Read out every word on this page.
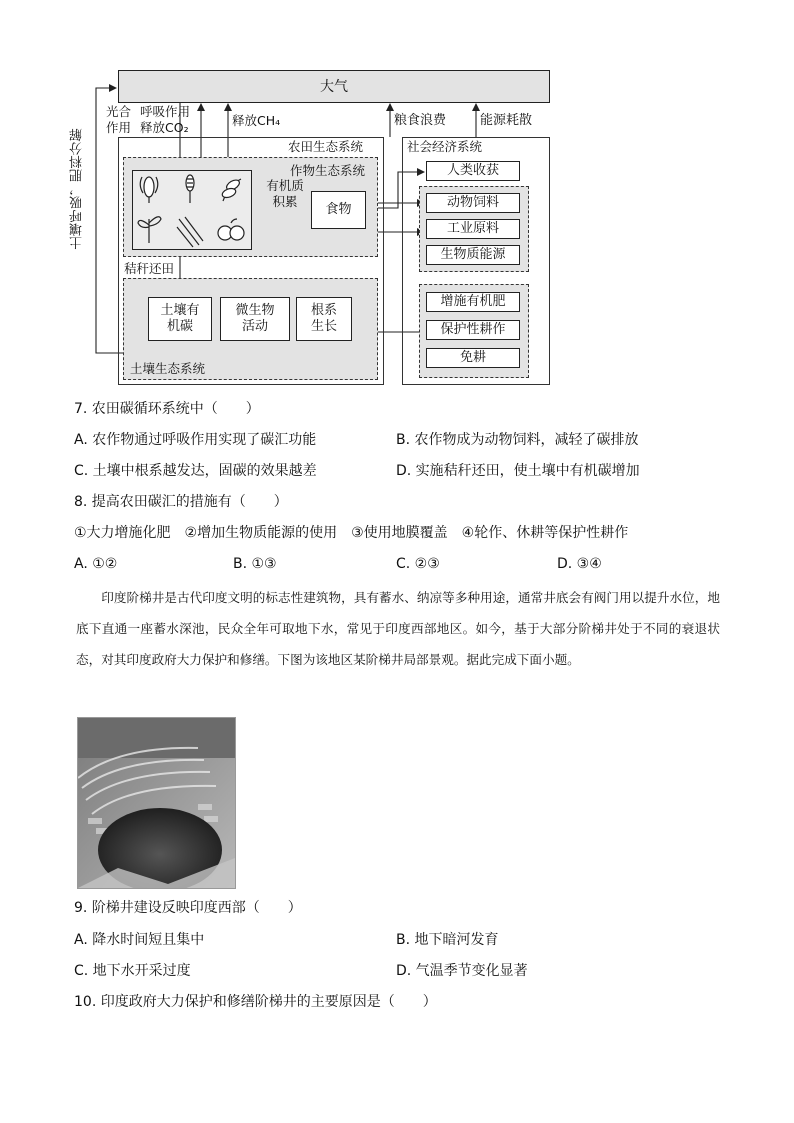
大气
光合作用
呼吸作用释放CO₂	释放CH₄	粮食浪费	能源耗散
土壤呼吸，肥料分解	农田生态系统
作物生态系统
有机质积累
食物
秸秆还田
土壤有机碳
微生物活动
根系生长
土壤生态系统
社会经济系统
人类收获
动物饲料
工业原料
生物质能源
增施有机肥
保护性耕作
免耕
7. 农田碳循环系统中（　　）
A. 农作物通过呼吸作用实现了碳汇功能	B. 农作物成为动物饲料，减轻了碳排放
C. 土壤中根系越发达，固碳的效果越差	D. 实施秸秆还田，使土壤中有机碳增加
8. 提高农田碳汇的措施有（　　）
①大力增施化肥　②增加生物质能源的使用　③使用地膜覆盖　④轮作、休耕等保护性耕作
A. ①②	B. ①③	C. ②③	D. ③④

印度阶梯井是古代印度文明的标志性建筑物，具有蓄水、纳凉等多种用途，通常井底会有阀门用以提升水位，地底下直通一座蓄水深池，民众全年可取地下水，常见于印度西部地区。如今，基于大部分阶梯井处于不同的衰退状态，对其印度政府大力保护和修缮。下图为该地区某阶梯井局部景观。据此完成下面小题。

9. 阶梯井建设反映印度西部（　　）
A. 降水时间短且集中	B. 地下暗河发育
C. 地下水开采过度	D. 气温季节变化显著
10. 印度政府大力保护和修缮阶梯井的主要原因是（　　）
